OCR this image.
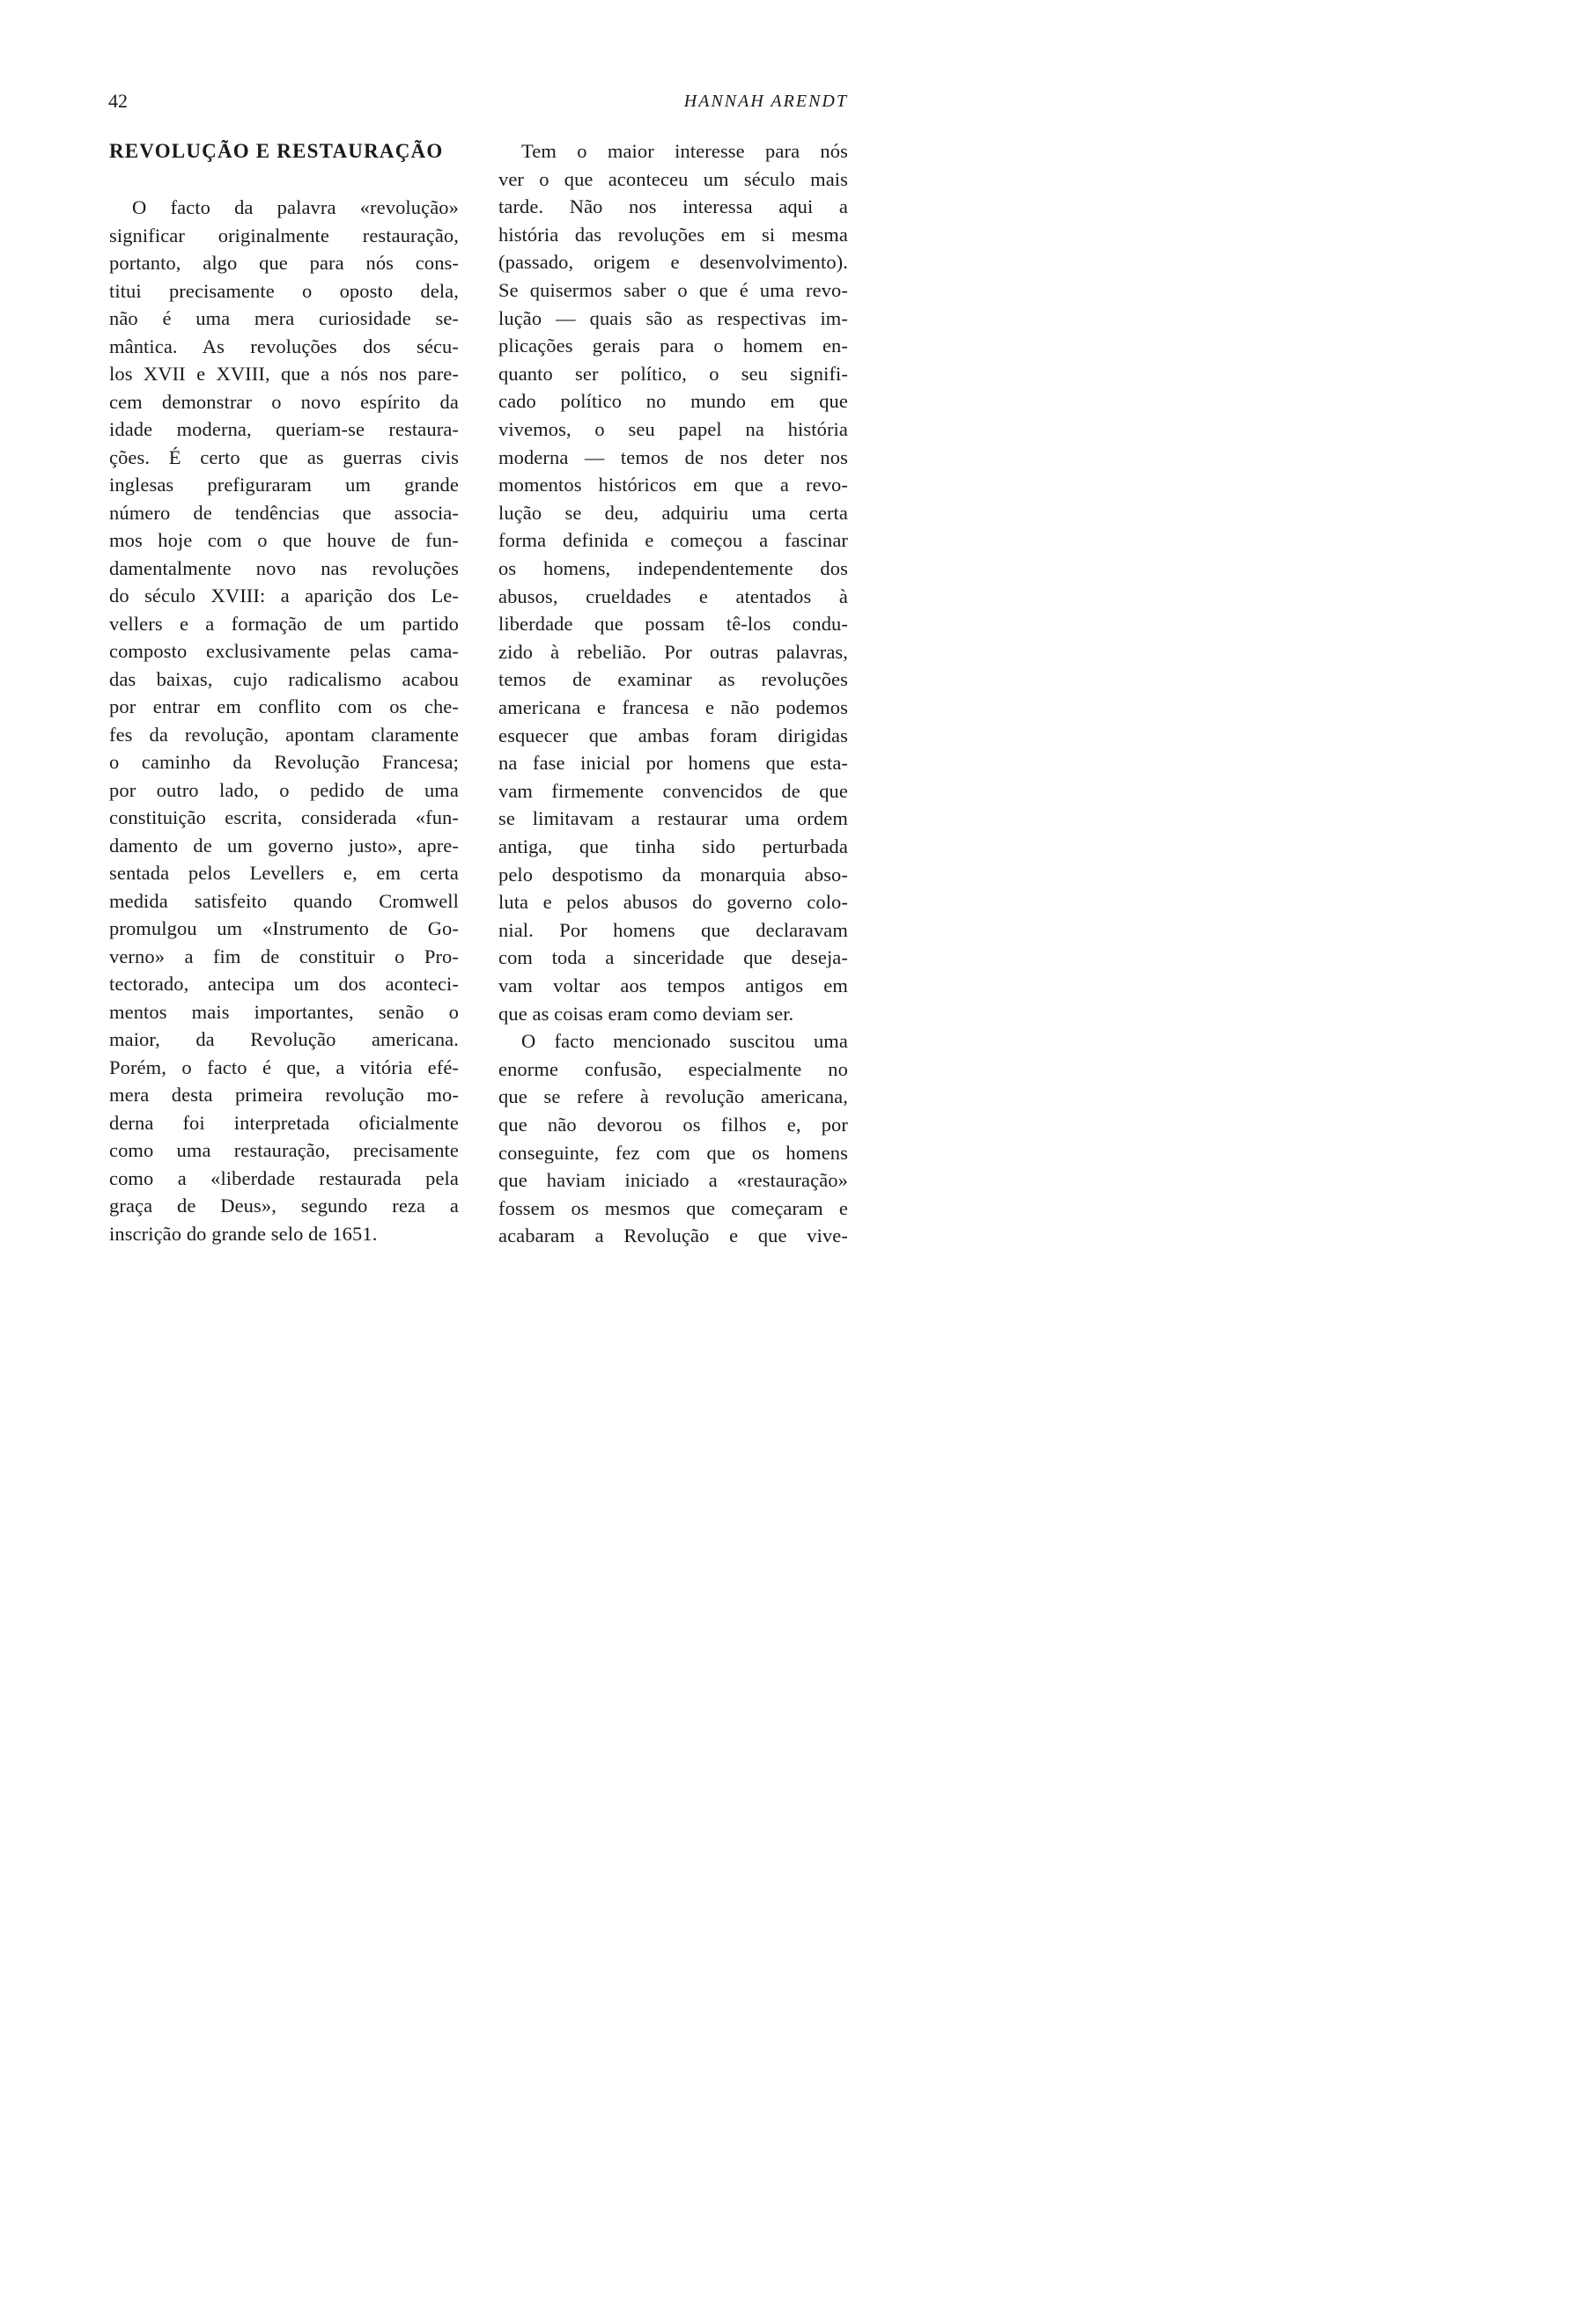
42	HANNAH ARENDT
REVOLUÇÃO E RESTAURAÇÃO
O facto da palavra «revolução»
significar originalmente restauração,
portanto, algo que para nós cons-
titui precisamente o oposto dela,
não é uma mera curiosidade se-
mântica. As revoluções dos sécu-
los XVII e XVIII, que a nós nos pare-
cem demonstrar o novo espírito da
idade moderna, queriam-se restaura-
ções. É certo que as guerras civis
inglesas prefiguraram um grande
número de tendências que associa-
mos hoje com o que houve de fun-
damentalmente novo nas revoluções
do século XVIII: a aparição dos Le-
vellers e a formação de um partido
composto exclusivamente pelas cama-
das baixas, cujo radicalismo acabou
por entrar em conflito com os che-
fes da revolução, apontam claramente
o caminho da Revolução Francesa;
por outro lado, o pedido de uma
constituição escrita, considerada «fun-
damento de um governo justo», apre-
sentada pelos Levellers e, em certa
medida satisfeito quando Cromwell
promulgou um «Instrumento de Go-
verno» a fim de constituir o Pro-
tectorado, antecipa um dos aconteci-
mentos mais importantes, senão o
maior, da Revolução americana.
Porém, o facto é que, a vitória efé-
mera desta primeira revolução mo-
derna foi interpretada oficialmente
como uma restauração, precisamente
como a «liberdade restaurada pela
graça de Deus», segundo reza a
inscrição do grande selo de 1651.
Tem o maior interesse para nós
ver o que aconteceu um século mais
tarde. Não nos interessa aqui a
história das revoluções em si mesma
(passado, origem e desenvolvimento).
Se quisermos saber o que é uma revo-
lução — quais são as respectivas im-
plicações gerais para o homem en-
quanto ser político, o seu signifi-
cado político no mundo em que
vivemos, o seu papel na história
moderna — temos de nos deter nos
momentos históricos em que a revo-
lução se deu, adquiriu uma certa
forma definida e começou a fascinar
os homens, independentemente dos
abusos, crueldades e atentados à
liberdade que possam tê-los condu-
zido à rebelião. Por outras palavras,
temos de examinar as revoluções
americana e francesa e não podemos
esquecer que ambas foram dirigidas
na fase inicial por homens que esta-
vam firmemente convencidos de que
se limitavam a restaurar uma ordem
antiga, que tinha sido perturbada
pelo despotismo da monarquia abso-
luta e pelos abusos do governo colo-
nial. Por homens que declaravam
com toda a sinceridade que deseja-
vam voltar aos tempos antigos em
que as coisas eram como deviam ser.
O facto mencionado suscitou uma
enorme confusão, especialmente no
que se refere à revolução americana,
que não devorou os filhos e, por
conseguinte, fez com que os homens
que haviam iniciado a «restauração»
fossem os mesmos que começaram e
acabaram a Revolução e que vive-
